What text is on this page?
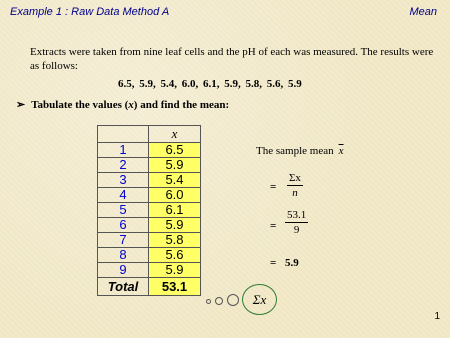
Example 1 : Raw Data Method A	Mean
Extracts were taken from nine leaf cells and the pH of each was measured. The results were as follows:
6.5, 5.9, 5.4, 6.0, 6.1, 5.9, 5.8, 5.6, 5.9
➢ Tabulate the values ( x ) and find the mean:
	x
1	6.5
2	5.9
3	5.4
4	6.0
5	6.1
6	5.9
7	5.8
8	5.6
9	5.9
Total	53.1
The sample mean $\overline{x}$
= $\frac{\Sigma x}{n}$
= $\frac{53.1}{9}$
= 5.9
Σx
1
